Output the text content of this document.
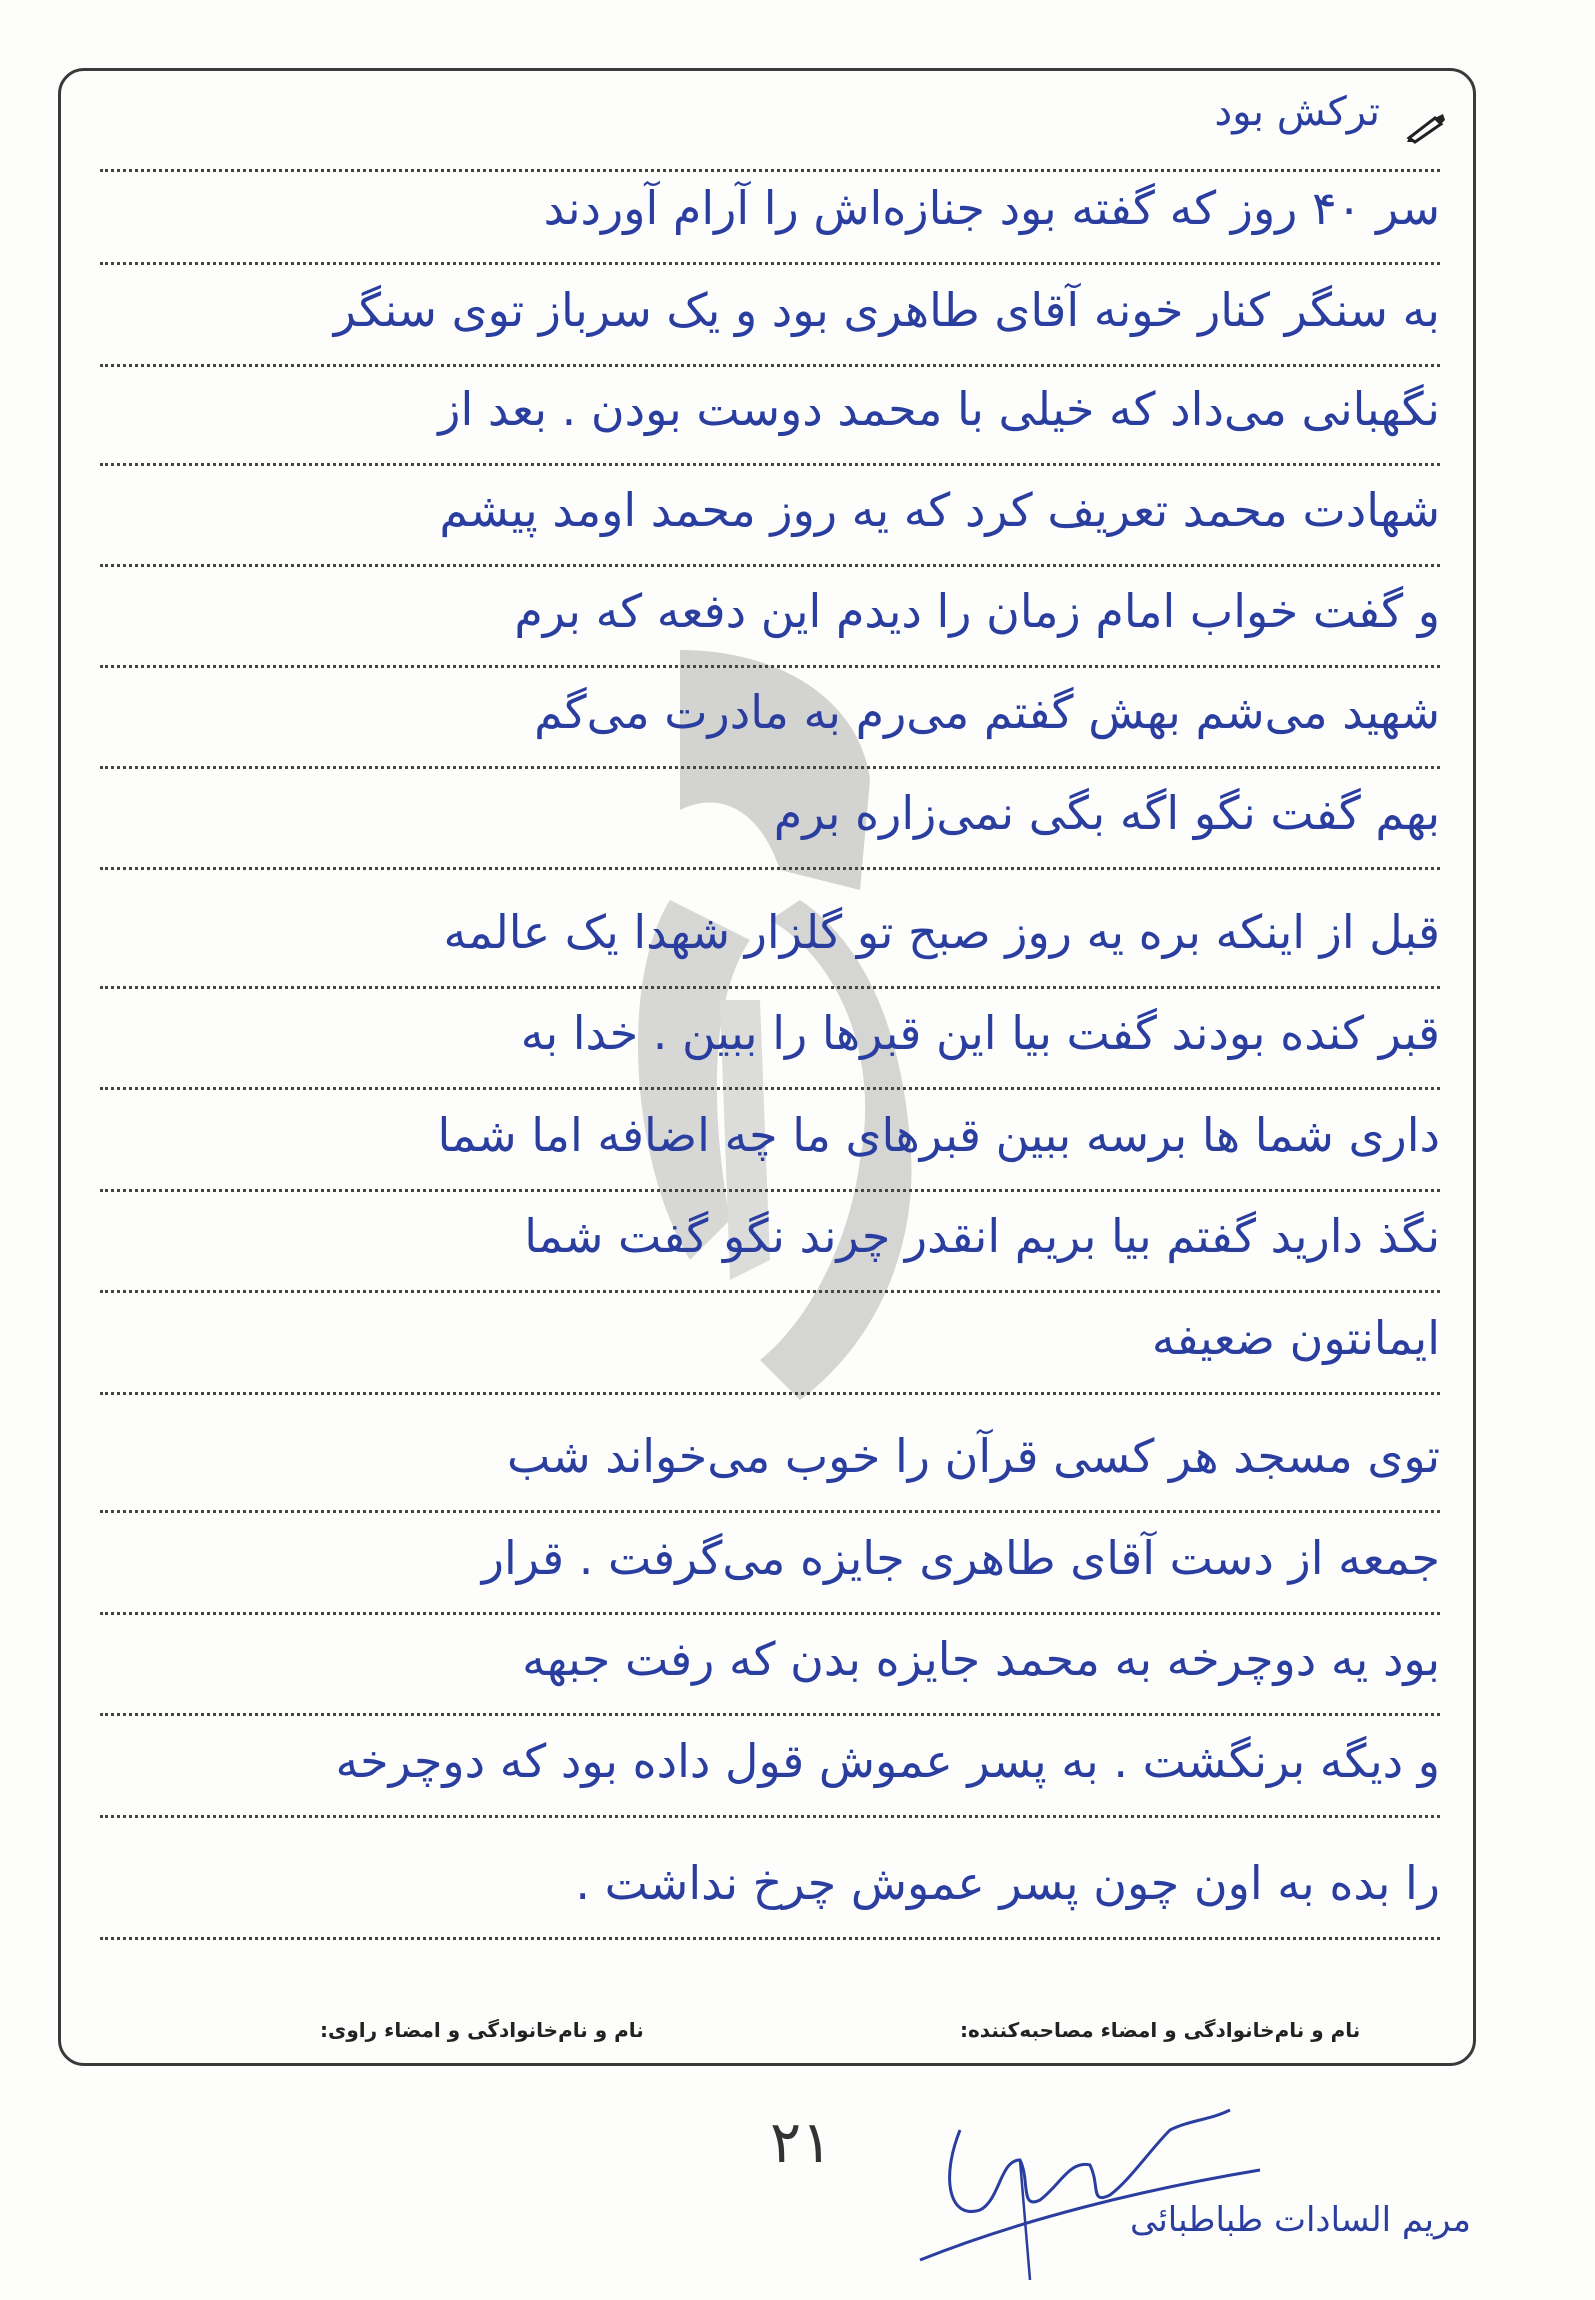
ترکش بود
سر ۴۰ روز که گفته بود جنازه‌اش را آرام آوردند
به سنگر کنار خونه آقای طاهری بود و یک سرباز توی سنگر
نگهبانی می‌داد که خیلی با محمد دوست بودن . بعد از
شهادت محمد تعریف کرد که یه روز محمد اومد پیشم
و گفت خواب امام زمان را دیدم این دفعه که برم
شهید می‌شم بهش گفتم می‌رم به مادرت می‌گم
بهم گفت نگو اگه بگی نمی‌زاره برم
قبل از اینکه بره یه روز صبح تو گلزار شهدا یک عالمه
قبر کنده بودند گفت بیا این قبرها را ببین . خدا به
داری شما ها برسه ببین قبرهای ما چه اضافه اما شما
نگذ دارید گفتم بیا بریم انقدر چرند نگو گفت شما
ایمانتون ضعیفه
توی مسجد هر کسی قرآن را خوب می‌خواند شب
جمعه از دست آقای طاهری جایزه می‌گرفت . قرار
بود یه دوچرخه به محمد جایزه بدن که رفت جبهه
و دیگه برنگشت . به پسر عموش قول داده بود که دوچرخه
را بده به اون چون پسر عموش چرخ نداشت .
نام و نام‌خانوادگی و امضاء راوی:	نام و نام‌خانوادگی و امضاء مصاحبه‌کننده:
۲۱
مریم السادات طباطبائی
